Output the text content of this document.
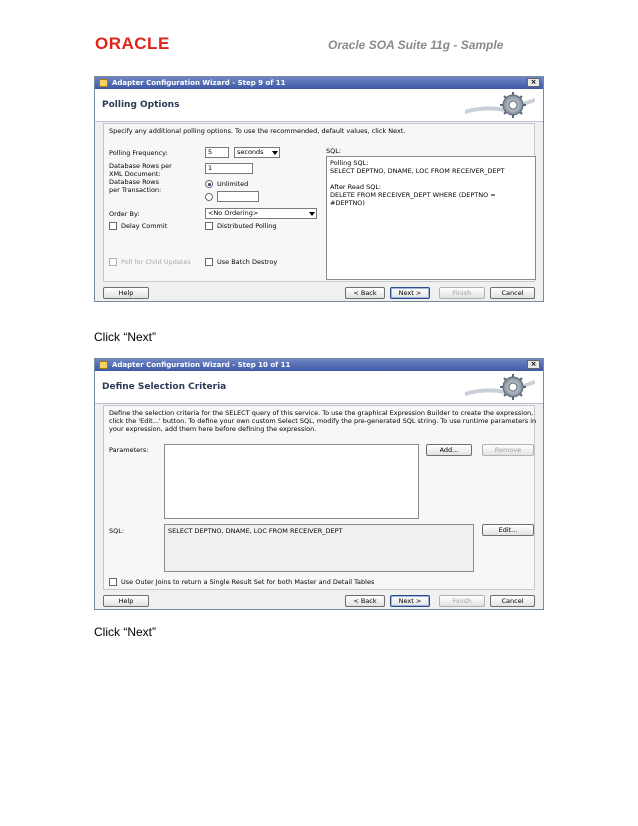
ORACLE	Oracle SOA Suite 11g - Sample
Adapter Configuration Wizard - Step 9 of 11	×
Polling Options
Specify any additional polling options. To use the recommended, default values, click Next.
Polling Frequency:	5	seconds
Database Rows per
XML Document:
1
Database Rows
per Transaction:
Unlimited
Order By:	<No Ordering>
Delay Commit	Distributed Polling
Poll for Child Updates	Use Batch Destroy
SQL:
Polling SQL:
SELECT DEPTNO, DNAME, LOC FROM RECEIVER_DEPT

After Read SQL:
DELETE FROM RECEIVER_DEPT WHERE (DEPTNO =
#DEPTNO)
Help	< Back	Next >	Finish	Cancel
Click “Next”
Adapter Configuration Wizard - Step 10 of 11	×
Define Selection Criteria
Define the selection criteria for the SELECT query of this service. To use the graphical Expression Builder to create the expression, click the 'Edit...' button. To define your own custom Select SQL, modify the pre-generated SQL string. To use runtime parameters in your expression, add them here before defining the expression.
Parameters:	Add...	Remove
SQL:	SELECT DEPTNO, DNAME, LOC FROM RECEIVER_DEPT	Edit...
Use Outer Joins to return a Single Result Set for both Master and Detail Tables
Help	< Back	Next >	Finish	Cancel
Click “Next”
